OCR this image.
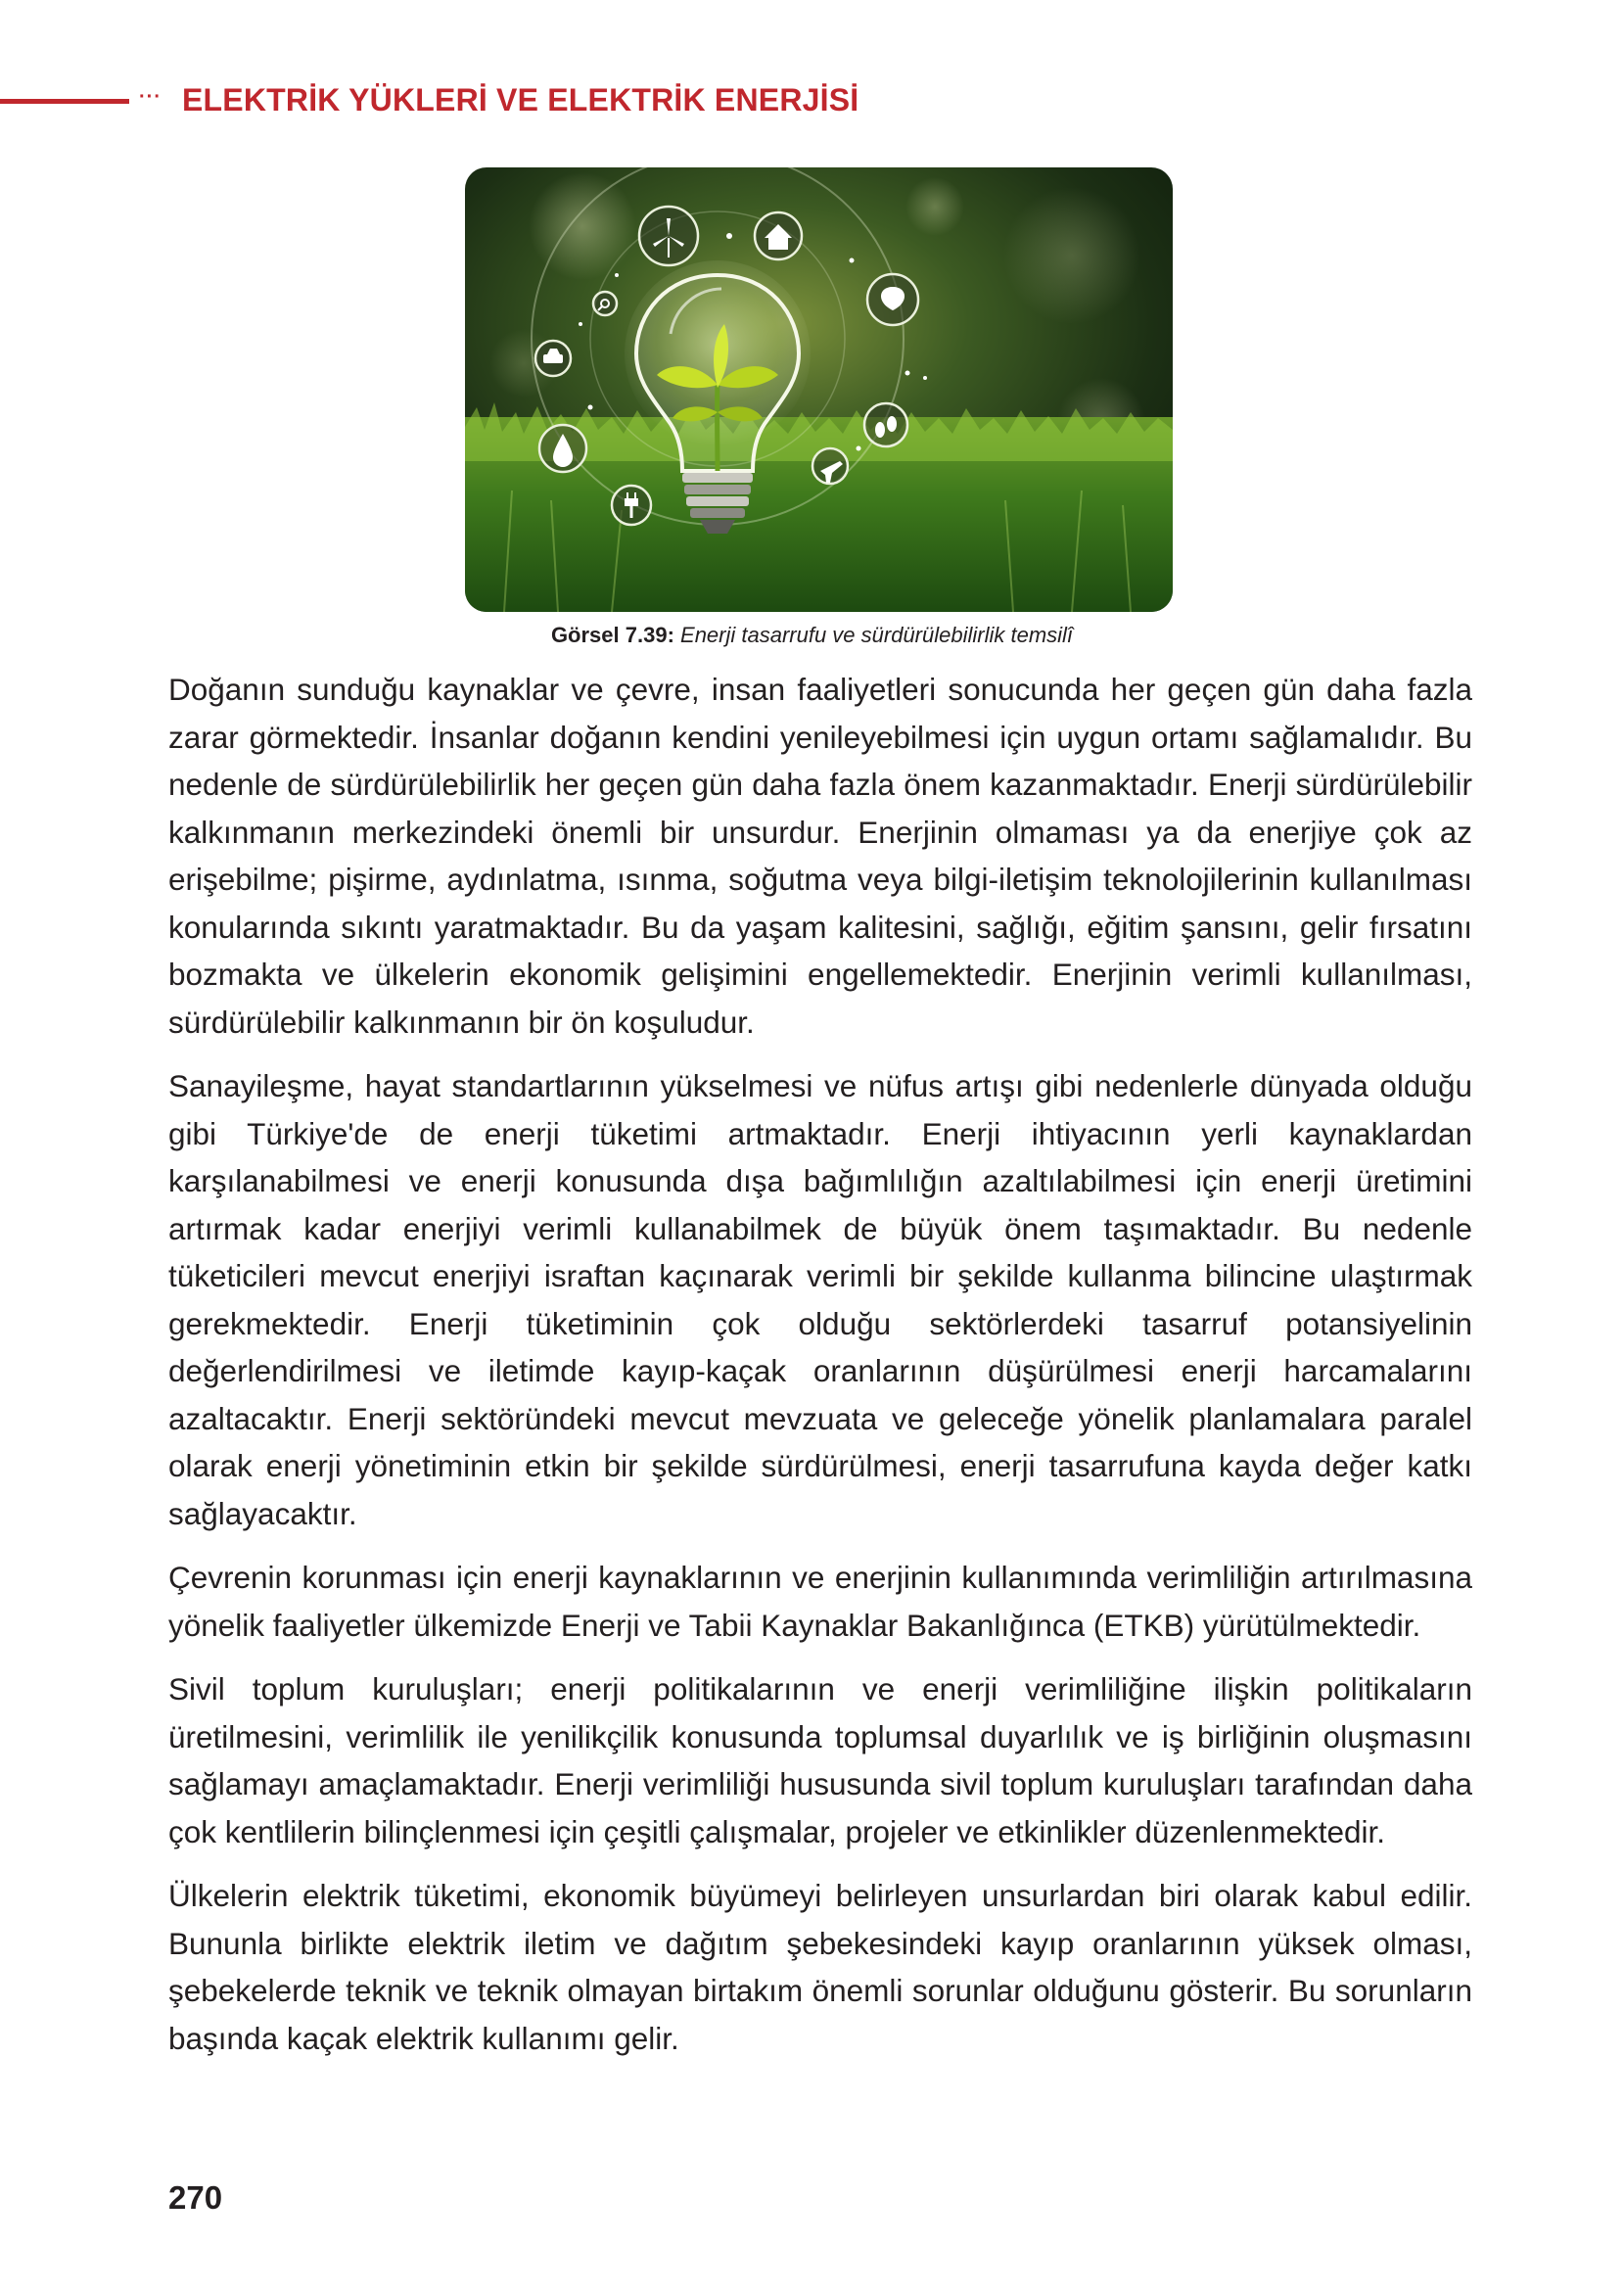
··· ELEKTRİK YÜKLERİ VE ELEKTRİK ENERJİSİ
Görsel 7.39: Enerji tasarrufu ve sürdürülebilirlik temsilî

Doğanın sunduğu kaynaklar ve çevre, insan faaliyetleri sonucunda her geçen gün daha fazla zarar görmektedir. İnsanlar doğanın kendini yenileyebilmesi için uygun ortamı sağlamalıdır. Bu nedenle de sürdürülebilirlik her geçen gün daha fazla önem kazanmaktadır. Enerji sürdürülebilir kalkınmanın merkezindeki önemli bir unsurdur. Enerjinin olmaması ya da enerjiye çok az erişebilme; pişirme, aydınlatma, ısınma, soğutma veya bilgi-iletişim teknolojilerinin kullanılması konularında sıkıntı yaratmaktadır. Bu da yaşam kalitesini, sağlığı, eğitim şansını, gelir fırsatını bozmakta ve ülkelerin ekonomik gelişimini engellemektedir. Enerjinin verimli kullanılması, sürdürülebilir kalkınmanın bir ön koşuludur.

Sanayileşme, hayat standartlarının yükselmesi ve nüfus artışı gibi nedenlerle dünyada olduğu gibi Türkiye'de de enerji tüketimi artmaktadır. Enerji ihtiyacının yerli kaynaklardan karşılanabilmesi ve enerji konusunda dışa bağımlılığın azaltılabilmesi için enerji üretimini artırmak kadar enerjiyi verimli kullanabilmek de büyük önem taşımaktadır. Bu nedenle tüketicileri mevcut enerjiyi israftan kaçınarak verimli bir şekilde kullanma bilincine ulaştırmak gerekmektedir. Enerji tüketiminin çok olduğu sektörlerdeki tasarruf potansiyelinin değerlendirilmesi ve iletimde kayıp-kaçak oranlarının düşürülmesi enerji harcamalarını azaltacaktır. Enerji sektöründeki mevcut mevzuata ve geleceğe yönelik planlamalara paralel olarak enerji yönetiminin etkin bir şekilde sürdürülmesi, enerji tasarrufuna kayda değer katkı sağlayacaktır.

Çevrenin korunması için enerji kaynaklarının ve enerjinin kullanımında verimliliğin artırılmasına yönelik faaliyetler ülkemizde Enerji ve Tabii Kaynaklar Bakanlığınca (ETKB) yürütülmektedir.

Sivil toplum kuruluşları; enerji politikalarının ve enerji verimliliğine ilişkin politikaların üretilmesini, verimlilik ile yenilikçilik konusunda toplumsal duyarlılık ve iş birliğinin oluşmasını sağlamayı amaçlamaktadır. Enerji verimliliği hususunda sivil toplum kuruluşları tarafından daha çok kentlilerin bilinçlenmesi için çeşitli çalışmalar, projeler ve etkinlikler düzenlenmektedir.

Ülkelerin elektrik tüketimi, ekonomik büyümeyi belirleyen unsurlardan biri olarak kabul edilir. Bununla birlikte elektrik iletim ve dağıtım şebekesindeki kayıp oranlarının yüksek olması, şebekelerde teknik ve teknik olmayan birtakım önemli sorunlar olduğunu gösterir. Bu sorunların başında kaçak elektrik kullanımı gelir.

270
